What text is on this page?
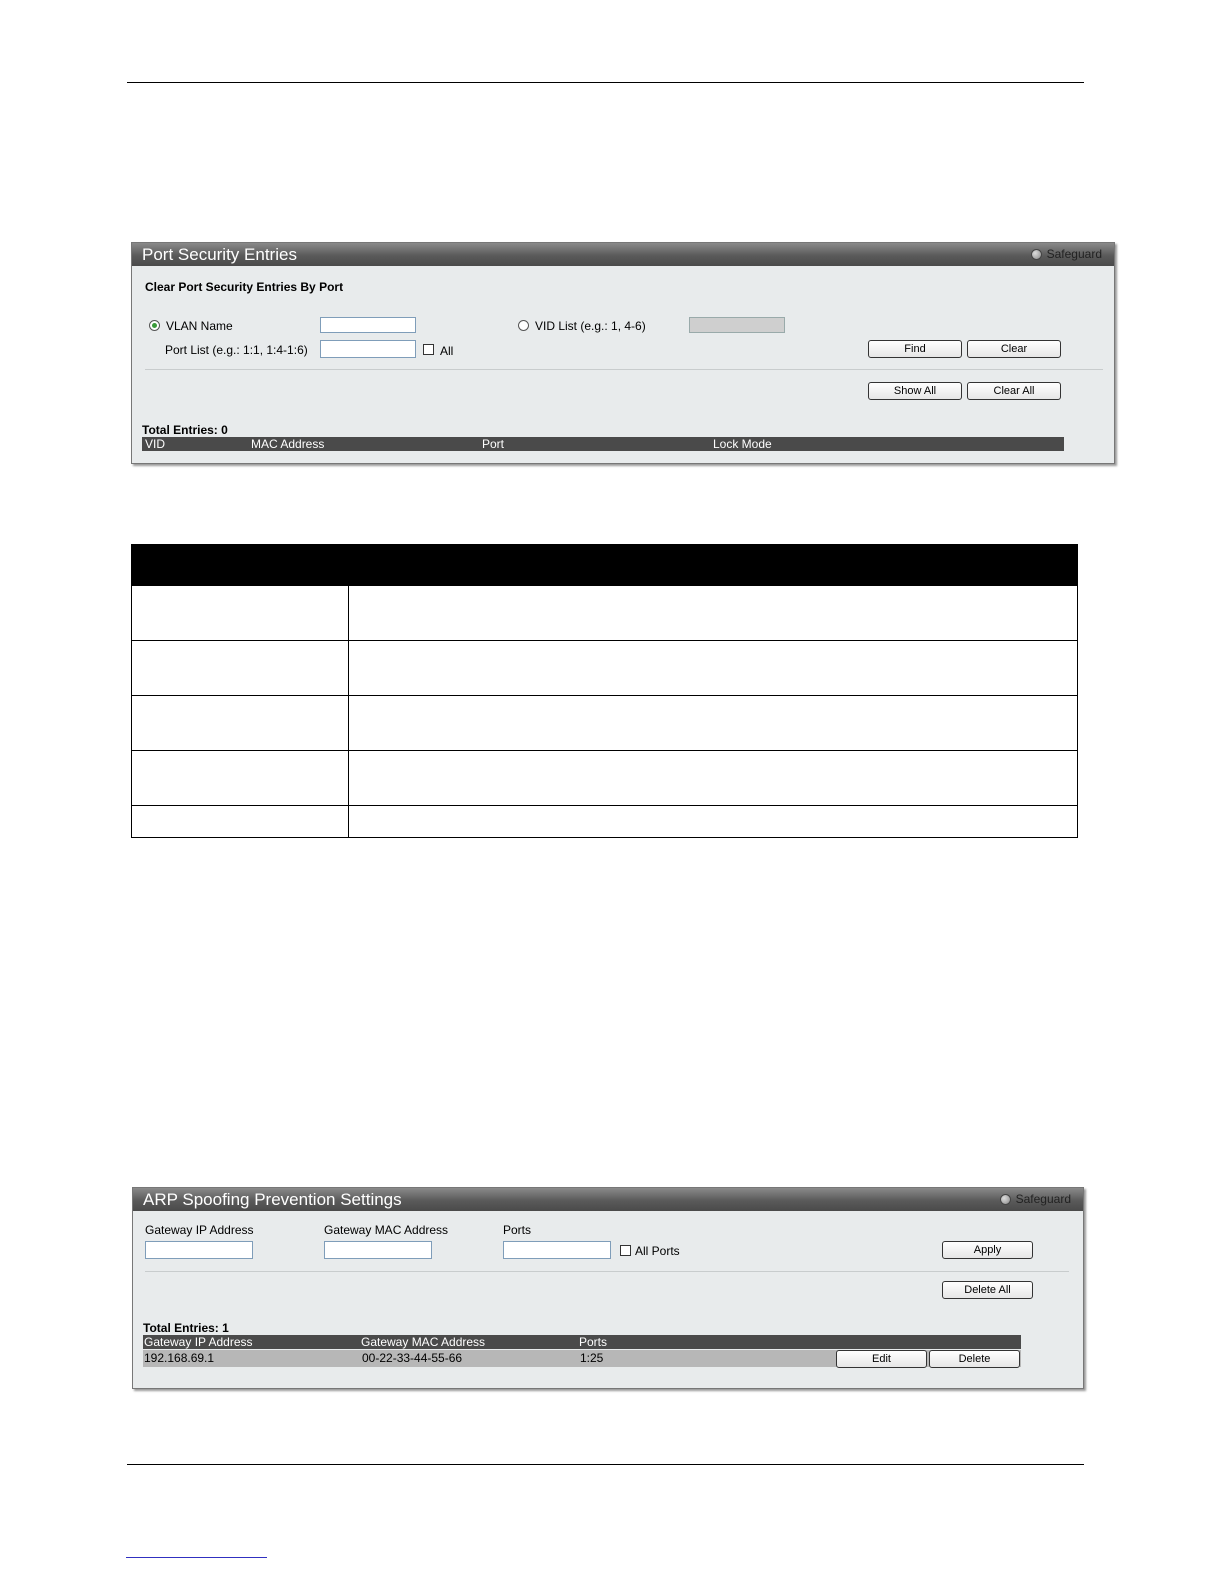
Port Security Entries	Safeguard
Clear Port Security Entries By Port
VLAN Name	VID List (e.g.: 1, 4-6)
Port List (e.g.: 1:1, 1:4-1:6)	All	Find	Clear
Show All	Clear All
Total Entries: 0
VID	MAC Address	Port	Lock Mode

ARP Spoofing Prevention Settings	Safeguard
Gateway IP Address	Gateway MAC Address	Ports
All Ports	Apply
Delete All
Total Entries: 1
Gateway IP Address	Gateway MAC Address	Ports
192.168.69.1	00-22-33-44-55-66	1:25	Edit	Delete
